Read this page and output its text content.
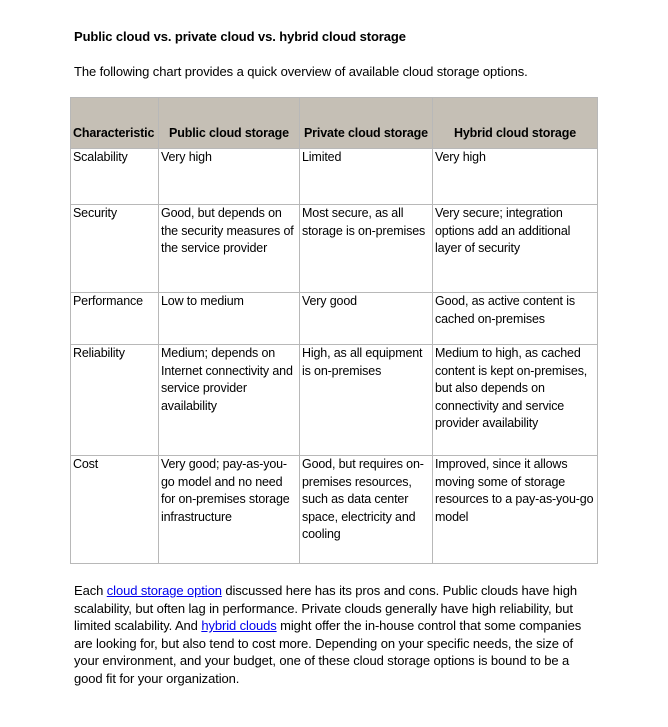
Public cloud vs. private cloud vs. hybrid cloud storage
The following chart provides a quick overview of available cloud storage options.
Characteristic	Public cloud storage	Private cloud storage	Hybrid cloud storage
Scalability	Very high	Limited	Very high
Security	Good, but depends on the security measures of the service provider	Most secure, as all storage is on-premises	Very secure; integration options add an additional layer of security
Performance	Low to medium	Very good	Good, as active content is cached on-premises
Reliability	Medium; depends on Internet connectivity and service provider availability	High, as all equipment is on-premises	Medium to high, as cached content is kept on-premises, but also depends on connectivity and service provider availability
Cost	Very good; pay-as-you-go model and no need for on-premises storage infrastructure	Good, but requires on-premises resources, such as data center space, electricity and cooling	Improved, since it allows moving some of storage resources to a pay-as-you-go model
Each cloud storage option discussed here has its pros and cons. Public clouds have high scalability, but often lag in performance. Private clouds generally have high reliability, but limited scalability. And hybrid clouds might offer the in-house control that some companies are looking for, but also tend to cost more. Depending on your specific needs, the size of your environment, and your budget, one of these cloud storage options is bound to be a good fit for your organization.
